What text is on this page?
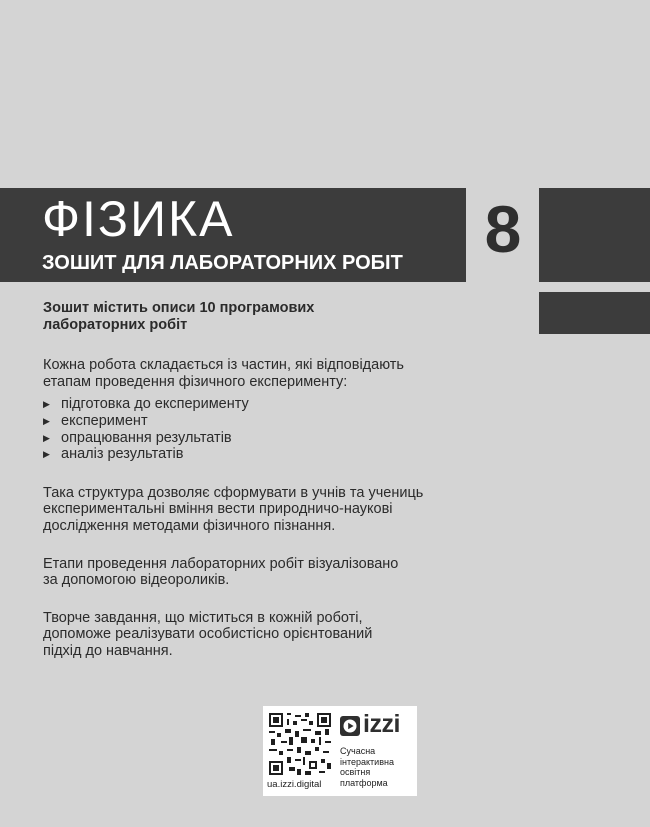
ФІЗИКА
ЗОШИТ ДЛЯ ЛАБОРАТОРНИХ РОБІТ 8

Зошит містить описи 10 програмових
лабораторних робіт

Кожна робота складається із частин, які відповідають
етапам проведення фізичного експерименту:

▶ підготовка до експерименту
▶ експеримент
▶ опрацювання результатів
▶ аналіз результатів

Така структура дозволяє сформувати в учнів та учениць
експериментальні вміння вести природничо-наукові
дослідження методами фізичного пізнання.

Етапи проведення лабораторних робіт візуалізовано
за допомогою відеороликів.

Творче завдання, що міститься в кожній роботі,
допоможе реалізувати особистісно орієнтований
підхід до навчання.

ua.izzi.digital
izzi
Сучасна
інтерактивна
освітня
платформа
